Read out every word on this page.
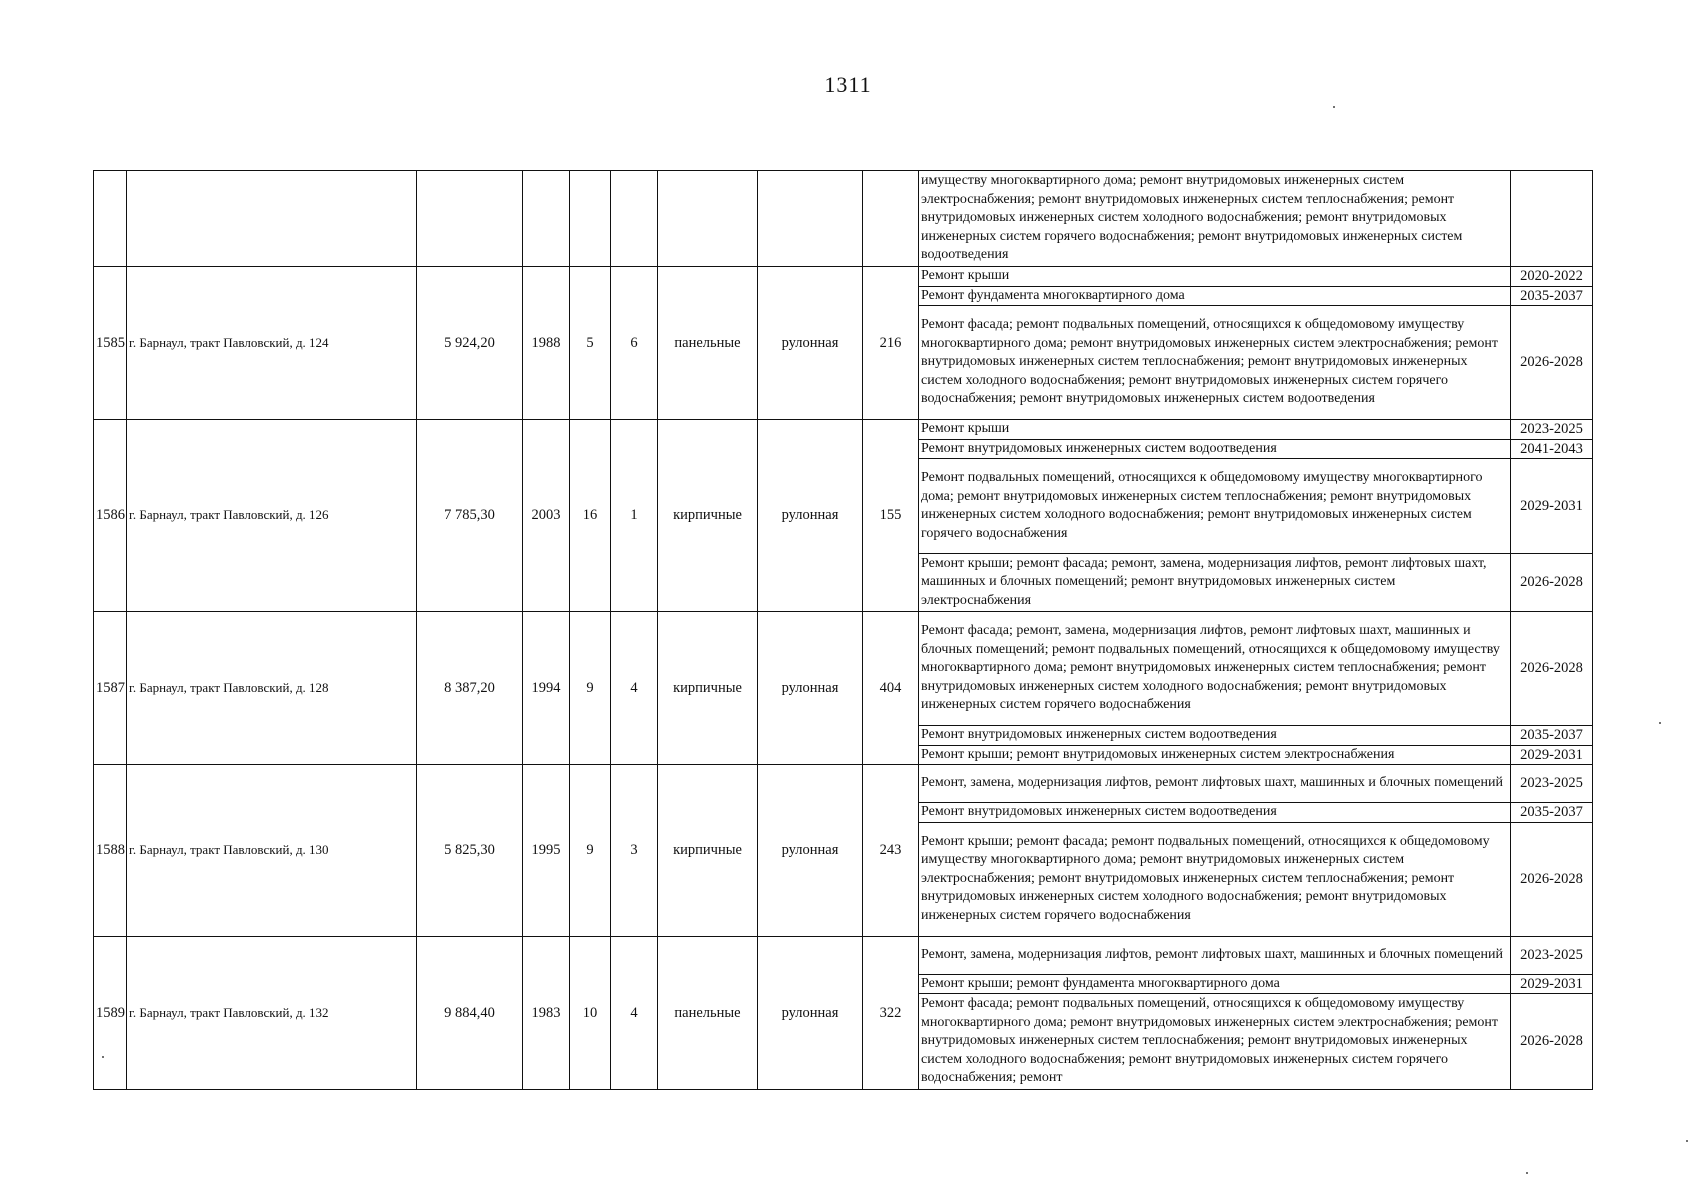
1311
									имуществу многоквартирного дома; ремонт внутридомовых инженерных систем электроснабжения; ремонт внутридомовых инженерных систем теплоснабжения; ремонт внутридомовых инженерных систем холодного водоснабжения; ремонт внутридомовых инженерных систем горячего водоснабжения; ремонт внутридомовых инженерных систем водоотведения	
1585	г. Барнаул, тракт Павловский, д. 124	5 924,20	1988	5	6	панельные	рулонная	216	Ремонт крыши	2020-2022
									Ремонт фундамента многоквартирного дома	2035-2037
									Ремонт фасада; ремонт подвальных помещений, относящихся к общедомовому имуществу многоквартирного дома; ремонт внутридомовых инженерных систем электроснабжения; ремонт внутридомовых инженерных систем теплоснабжения; ремонт внутридомовых инженерных систем холодного водоснабжения; ремонт внутридомовых инженерных систем горячего водоснабжения; ремонт внутридомовых инженерных систем водоотведения	2026-2028
1586	г. Барнаул, тракт Павловский, д. 126	7 785,30	2003	16	1	кирпичные	рулонная	155	Ремонт крыши	2023-2025
									Ремонт внутридомовых инженерных систем водоотведения	2041-2043
									Ремонт подвальных помещений, относящихся к общедомовому имуществу многоквартирного дома; ремонт внутридомовых инженерных систем теплоснабжения; ремонт внутридомовых инженерных систем холодного водоснабжения; ремонт внутридомовых инженерных систем горячего водоснабжения	2029-2031
									Ремонт крыши; ремонт фасада; ремонт, замена, модернизация лифтов, ремонт лифтовых шахт, машинных и блочных помещений; ремонт внутридомовых инженерных систем электроснабжения	2026-2028
1587	г. Барнаул, тракт Павловский, д. 128	8 387,20	1994	9	4	кирпичные	рулонная	404	Ремонт фасада; ремонт, замена, модернизация лифтов, ремонт лифтовых шахт, машинных и блочных помещений; ремонт подвальных помещений, относящихся к общедомовому имуществу многоквартирного дома; ремонт внутридомовых инженерных систем теплоснабжения; ремонт внутридомовых инженерных систем холодного водоснабжения; ремонт внутридомовых инженерных систем горячего водоснабжения	2026-2028
									Ремонт внутридомовых инженерных систем водоотведения	2035-2037
									Ремонт крыши; ремонт внутридомовых инженерных систем электроснабжения	2029-2031
1588	г. Барнаул, тракт Павловский, д. 130	5 825,30	1995	9	3	кирпичные	рулонная	243	Ремонт, замена, модернизация лифтов, ремонт лифтовых шахт, машинных и блочных помещений	2023-2025
									Ремонт внутридомовых инженерных систем водоотведения	2035-2037
									Ремонт крыши; ремонт фасада; ремонт подвальных помещений, относящихся к общедомовому имуществу многоквартирного дома; ремонт внутридомовых инженерных систем электроснабжения; ремонт внутридомовых инженерных систем теплоснабжения; ремонт внутридомовых инженерных систем холодного водоснабжения; ремонт внутридомовых инженерных систем горячего водоснабжения	2026-2028
1589	г. Барнаул, тракт Павловский, д. 132	9 884,40	1983	10	4	панельные	рулонная	322	Ремонт, замена, модернизация лифтов, ремонт лифтовых шахт, машинных и блочных помещений	2023-2025
									Ремонт крыши; ремонт фундамента многоквартирного дома	2029-2031
									Ремонт фасада; ремонт подвальных помещений, относящихся к общедомовому имуществу многоквартирного дома; ремонт внутридомовых инженерных систем электроснабжения; ремонт внутридомовых инженерных систем теплоснабжения; ремонт внутридомовых инженерных систем холодного водоснабжения; ремонт внутридомовых инженерных систем горячего водоснабжения; ремонт	2026-2028
